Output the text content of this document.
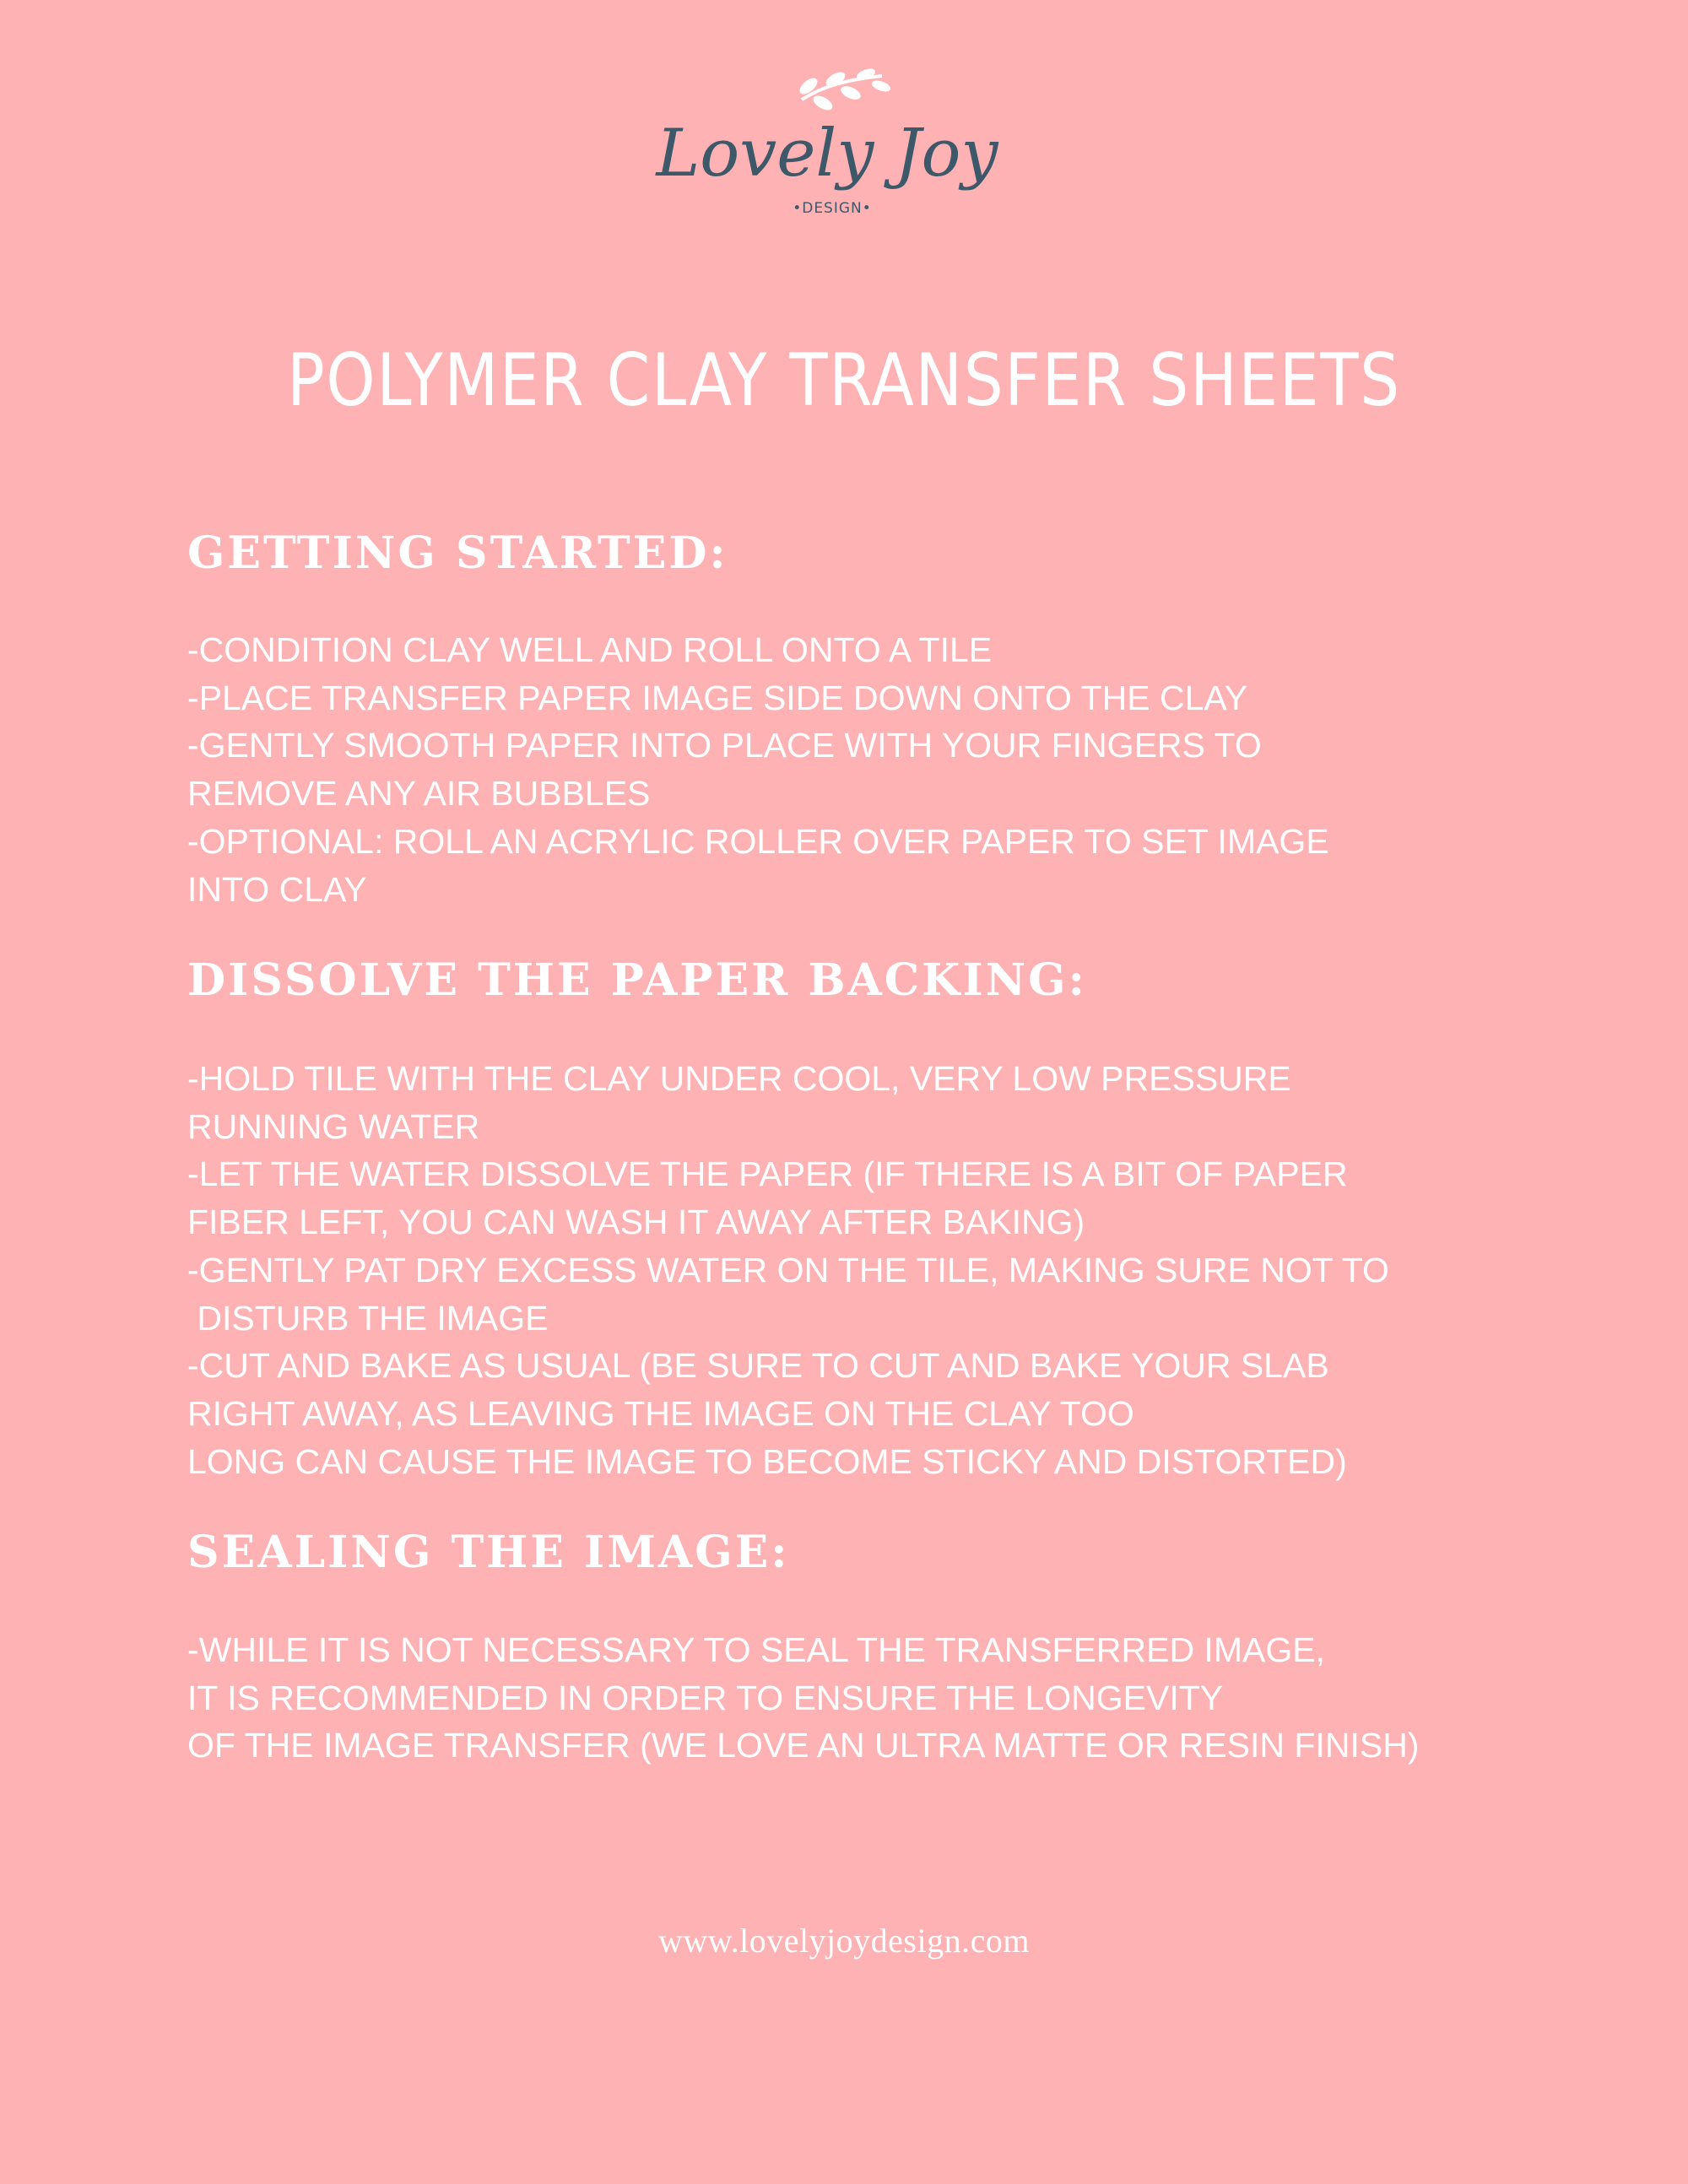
Lovely Joy
•DESIGN•
POLYMER CLAY TRANSFER SHEETS
GETTING STARTED:
-CONDITION CLAY WELL AND ROLL ONTO A TILE
-PLACE TRANSFER PAPER IMAGE SIDE DOWN ONTO THE CLAY
-GENTLY SMOOTH PAPER INTO PLACE WITH YOUR FINGERS TO
REMOVE ANY AIR BUBBLES
-OPTIONAL: ROLL AN ACRYLIC ROLLER OVER PAPER TO SET IMAGE
INTO CLAY
DISSOLVE THE PAPER BACKING:
-HOLD TILE WITH THE CLAY UNDER COOL, VERY LOW PRESSURE
RUNNING WATER
-LET THE WATER DISSOLVE THE PAPER (IF THERE IS A BIT OF PAPER
FIBER LEFT, YOU CAN WASH IT AWAY AFTER BAKING)
-GENTLY PAT DRY EXCESS WATER ON THE TILE, MAKING SURE NOT TO
DISTURB THE IMAGE
-CUT AND BAKE AS USUAL (BE SURE TO CUT AND BAKE YOUR SLAB
RIGHT AWAY, AS LEAVING THE IMAGE ON THE CLAY TOO
LONG CAN CAUSE THE IMAGE TO BECOME STICKY AND DISTORTED)
SEALING THE IMAGE:
-WHILE IT IS NOT NECESSARY TO SEAL THE TRANSFERRED IMAGE,
IT IS RECOMMENDED IN ORDER TO ENSURE THE LONGEVITY
OF THE IMAGE TRANSFER (WE LOVE AN ULTRA MATTE OR RESIN FINISH)
www.lovelyjoydesign.com
